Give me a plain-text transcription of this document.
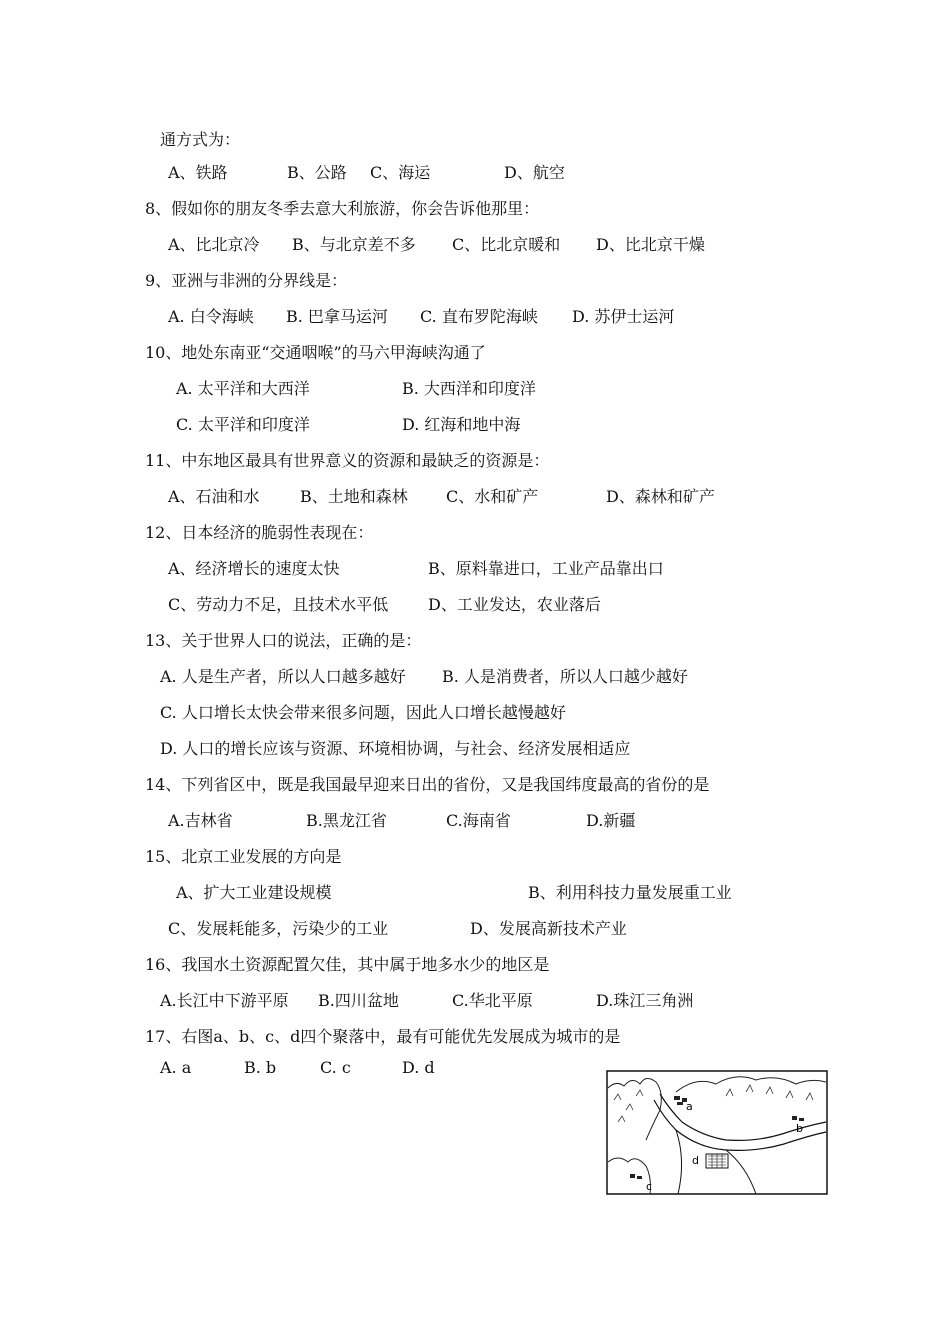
通方式为：
A、铁路	B、公路 C、海运	D、航空
8、假如你的朋友冬季去意大利旅游，你会告诉他那里：
A、比北京冷 B、与北京差不多 C、比北京暖和 D、比北京干燥
9、亚洲与非洲的分界线是：
A. 白令海峡 B. 巴拿马运河 C. 直布罗陀海峡 D. 苏伊士运河
10、地处东南亚“交通咽喉”的马六甲海峡沟通了
A. 太平洋和大西洋	B. 大西洋和印度洋
C. 太平洋和印度洋	D. 红海和地中海
11、中东地区最具有世界意义的资源和最缺乏的资源是：
A、石油和水	B、土地和森林 C、水和矿产	D、森林和矿产
12、日本经济的脆弱性表现在：
A、经济增长的速度太快	B、原料靠进口，工业产品靠出口
C、劳动力不足，且技术水平低 D、工业发达，农业落后
13、关于世界人口的说法，正确的是：
A. 人是生产者，所以人口越多越好 B. 人是消费者，所以人口越少越好
C. 人口增长太快会带来很多问题，因此人口增长越慢越好
D. 人口的增长应该与资源、环境相协调，与社会、经济发展相适应
14、下列省区中，既是我国最早迎来日出的省份，又是我国纬度最高的省份的是
A.吉林省	B.黑龙江省	C.海南省	D.新疆
15、北京工业发展的方向是
A、扩大工业建设规模	B、利用科技力量发展重工业
C、发展耗能多，污染少的工业	D、发展高新技术产业
16、我国水土资源配置欠佳，其中属于地多水少的地区是
A.长江中下游平原 B.四川盆地	C.华北平原	D.珠江三角洲
17、右图a、b、c、d四个聚落中，最有可能优先发展成为城市的是
A. a	B. b	C. c	D. d
a
b
c
d
